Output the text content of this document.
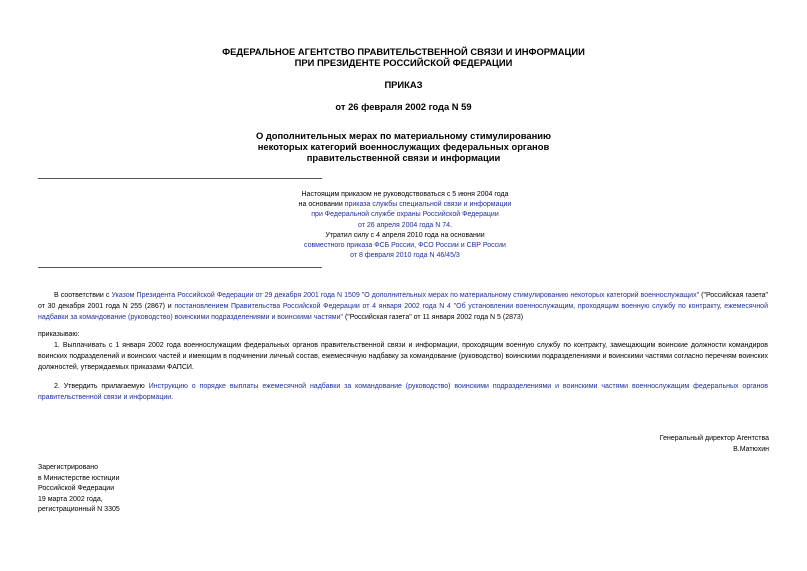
ФЕДЕРАЛЬНОЕ АГЕНТСТВО ПРАВИТЕЛЬСТВЕННОЙ СВЯЗИ И ИНФОРМАЦИИ
ПРИ ПРЕЗИДЕНТЕ РОССИЙСКОЙ ФЕДЕРАЦИИ
ПРИКАЗ
от 26 февраля 2002 года N 59
О дополнительных мерах по материальному стимулированию
некоторых категорий военнослужащих федеральных органов
правительственной связи и информации
Настоящим приказом не руководствоваться с 5 июня 2004 года
на основании приказа службы специальной связи и информации
при Федеральной службе охраны Российской Федерации
от 26 апреля 2004 года N 74.
Утратил силу с 4 апреля 2010 года на основании
совместного приказа ФСБ России, ФСО России и СВР России
от 8 февраля 2010 года N 46/45/3
В соответствии с Указом Президента Российской Федерации от 29 декабря 2001 года N 1509 "О дополнительных мерах по материальному стимулированию некоторых категорий военнослужащих" ("Российская газета" от 30 декабря 2001 года N 255 (2867) и постановлением Правительства Российской Федерации от 4 января 2002 года N 4 "Об установлении военнослужащим, проходящим военную службу по контракту, ежемесячной надбавки за командование (руководство) воинскими подразделениями и воинскими частями" ("Российская газета" от 11 января 2002 года N 5 (2873)
приказываю:
1. Выплачивать с 1 января 2002 года военнослужащим федеральных органов правительственной связи и информации, проходящим военную службу по контракту, замещающим воинские должности командиров воинских подразделений и воинских частей и имеющим в подчинении личный состав, ежемесячную надбавку за командование (руководство) воинскими подразделениями и воинскими частями согласно перечням воинских должностей, утверждаемых приказами ФАПСИ.
2. Утвердить прилагаемую Инструкцию о порядке выплаты ежемесячной надбавки за командование (руководство) воинскими подразделениями и воинскими частями военнослужащим федеральных органов правительственной связи и информации.
Генеральный директор Агентства
В.Матюхин
Зарегистрировано
в Министерстве юстиции
Российской Федерации
19 марта 2002 года,
регистрационный N 3305
